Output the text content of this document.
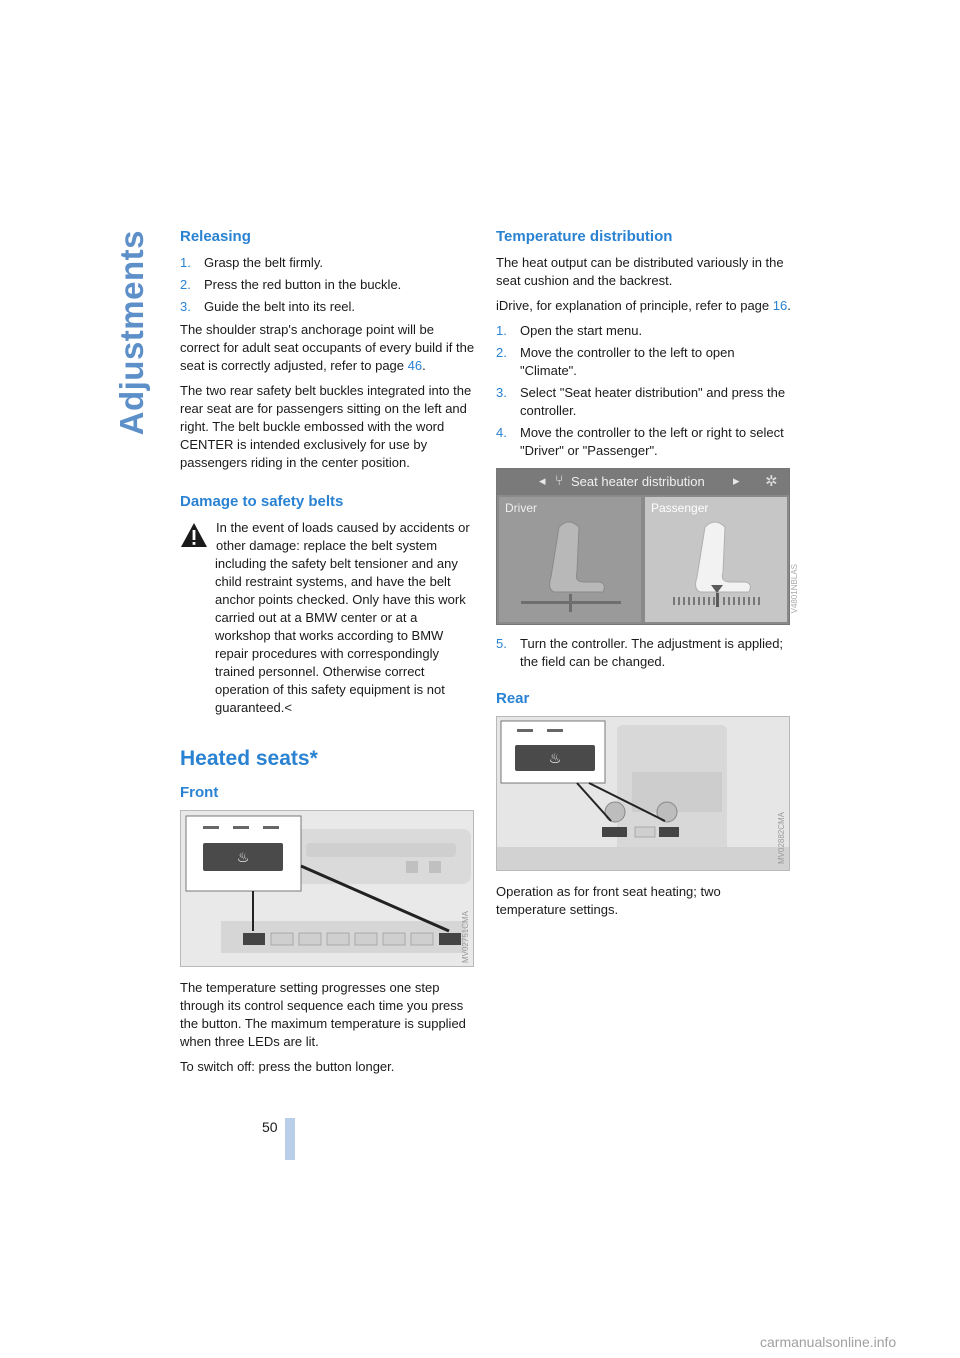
Adjustments Releasing
1. Grasp the belt firmly.
2. Press the red button in the buckle.
3. Guide the belt into its reel.

The shoulder strap's anchorage point will be correct for adult seat occupants of every build if the seat is correctly adjusted, refer to page 46.

The two rear safety belt buckles integrated into the rear seat are for passengers sitting on the left and right. The belt buckle embossed with the word CENTER is intended exclusively for use by passengers riding in the center position.

Damage to safety belts

In the event of loads caused by accidents or other damage: replace the belt system including the safety belt tensioner and any child restraint systems, and have the belt anchor points checked. Only have this work carried out at a BMW center or at a workshop that works according to BMW repair procedures with correspondingly trained personnel. Otherwise correct operation of this safety equipment is not guaranteed.<

Heated seats*
Front
♨
MV02751CMA

The temperature setting progresses one step through its control sequence each time you press the button. The maximum temperature is supplied when three LEDs are lit.

To switch off: press the button longer.

Temperature distribution

The heat output can be distributed variously in the seat cushion and the backrest.

iDrive, for explanation of principle, refer to page 16.

1. Open the start menu.
2. Move the controller to the left to open "Climate".
3. Select "Seat heater distribution" and press the controller.
4. Move the controller to the left or right to select "Driver" or "Passenger".
◂ ⑂ Seat heater distribution ▸ ✲
Driver	Passenger
V4801NBLAS
5. Turn the controller. The adjustment is applied; the field can be changed.
Rear
♨
MV02882CMA

Operation as for front seat heating; two temperature settings.

50
carmanualsonline.info
